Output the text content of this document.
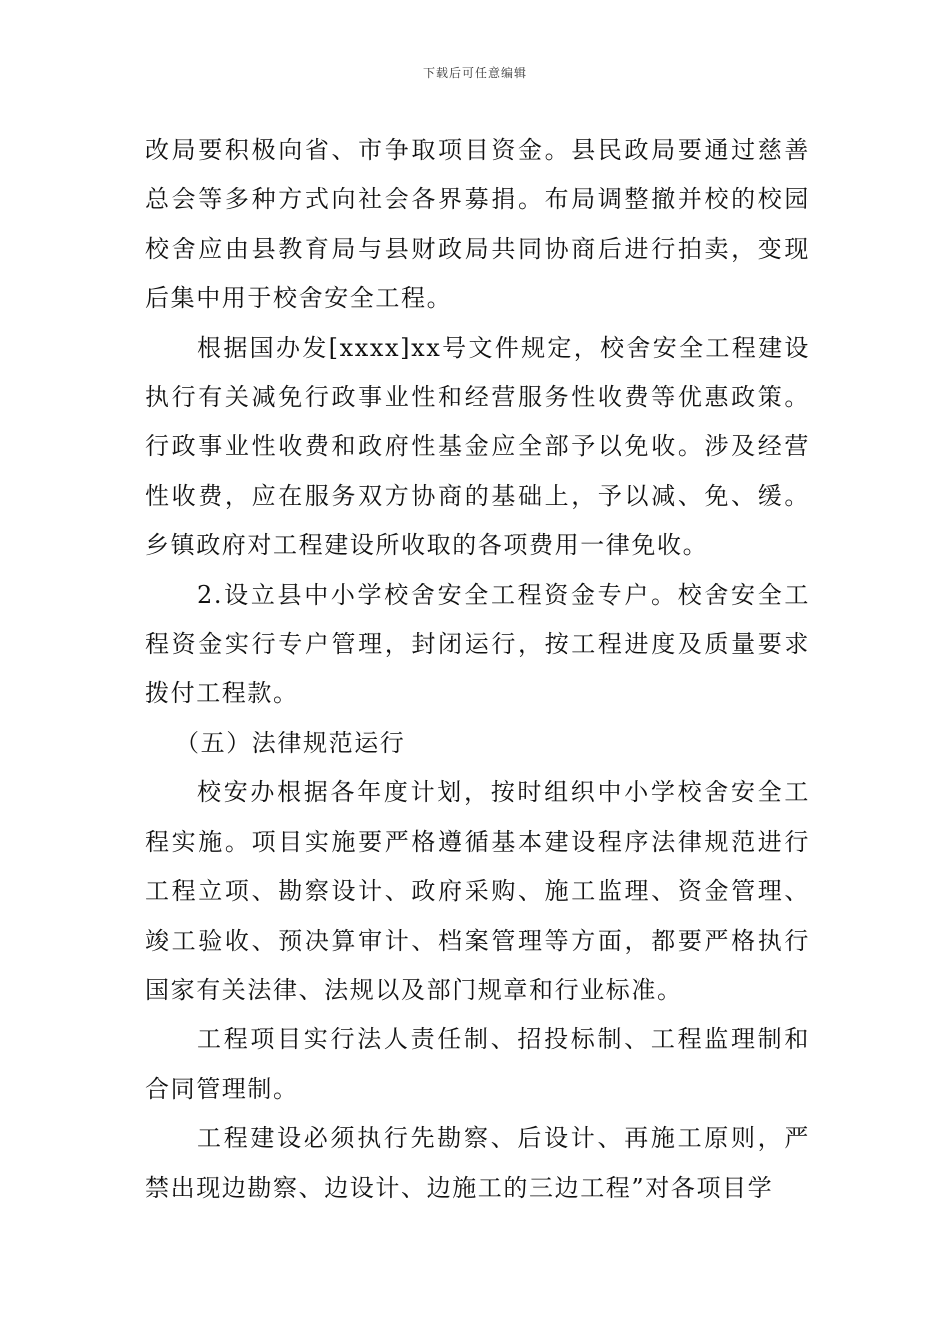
下载后可任意编辑

改局要积极向省、市争取项目资金。县民政局要通过慈善总会等多种方式向社会各界募捐。布局调整撤并校的校园校舍应由县教育局与县财政局共同协商后进行拍卖，变现后集中用于校舍安全工程。

根据国办发[xxxx]xx号文件规定，校舍安全工程建设执行有关减免行政事业性和经营服务性收费等优惠政策。行政事业性收费和政府性基金应全部予以免收。涉及经营性收费，应在服务双方协商的基础上，予以减、免、缓。乡镇政府对工程建设所收取的各项费用一律免收。

2.设立县中小学校舍安全工程资金专户。校舍安全工程资金实行专户管理，封闭运行，按工程进度及质量要求拨付工程款。

（五）法律规范运行

校安办根据各年度计划，按时组织中小学校舍安全工程实施。项目实施要严格遵循基本建设程序法律规范进行工程立项、勘察设计、政府采购、施工监理、资金管理、竣工验收、预决算审计、档案管理等方面，都要严格执行国家有关法律、法规以及部门规章和行业标准。

工程项目实行法人责任制、招投标制、工程监理制和合同管理制。

工程建设必须执行先勘察、后设计、再施工原则，严禁出现边勘察、边设计、边施工的三边工程”对各项目学
